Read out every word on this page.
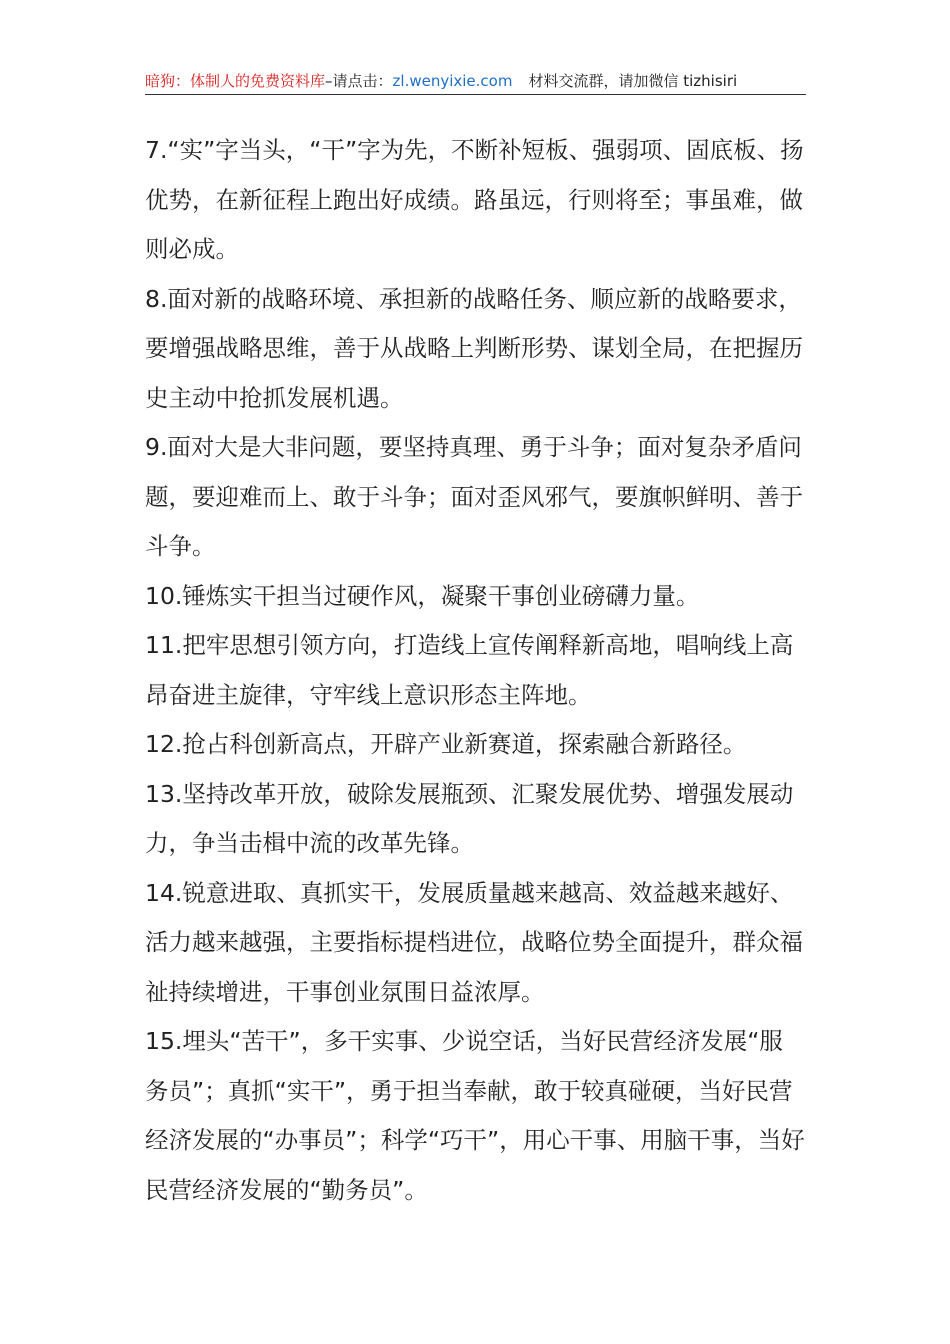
暗狗：体制人的免费资料库–请点击：zl.wenyixie.com 材料交流群，请加微信 tizhisiri

7.“实”字当头，“干”字为先，不断补短板、强弱项、固底板、扬优势，在新征程上跑出好成绩。路虽远，行则将至；事虽难，做则必成。

8.面对新的战略环境、承担新的战略任务、顺应新的战略要求，要增强战略思维，善于从战略上判断形势、谋划全局，在把握历史主动中抢抓发展机遇。

9.面对大是大非问题，要坚持真理、勇于斗争；面对复杂矛盾问题，要迎难而上、敢于斗争；面对歪风邪气，要旗帜鲜明、善于斗争。

10.锤炼实干担当过硬作风，凝聚干事创业磅礴力量。

11.把牢思想引领方向，打造线上宣传阐释新高地，唱响线上高昂奋进主旋律，守牢线上意识形态主阵地。

12.抢占科创新高点，开辟产业新赛道，探索融合新路径。

13.坚持改革开放，破除发展瓶颈、汇聚发展优势、增强发展动力，争当击楫中流的改革先锋。

14.锐意进取、真抓实干，发展质量越来越高、效益越来越好、活力越来越强，主要指标提档进位，战略位势全面提升，群众福祉持续增进，干事创业氛围日益浓厚。

15.埋头“苦干”，多干实事、少说空话，当好民营经济发展“服务员”；真抓“实干”，勇于担当奉献，敢于较真碰硬，当好民营经济发展的“办事员”；科学“巧干”，用心干事、用脑干事，当好民营经济发展的“勤务员”。
